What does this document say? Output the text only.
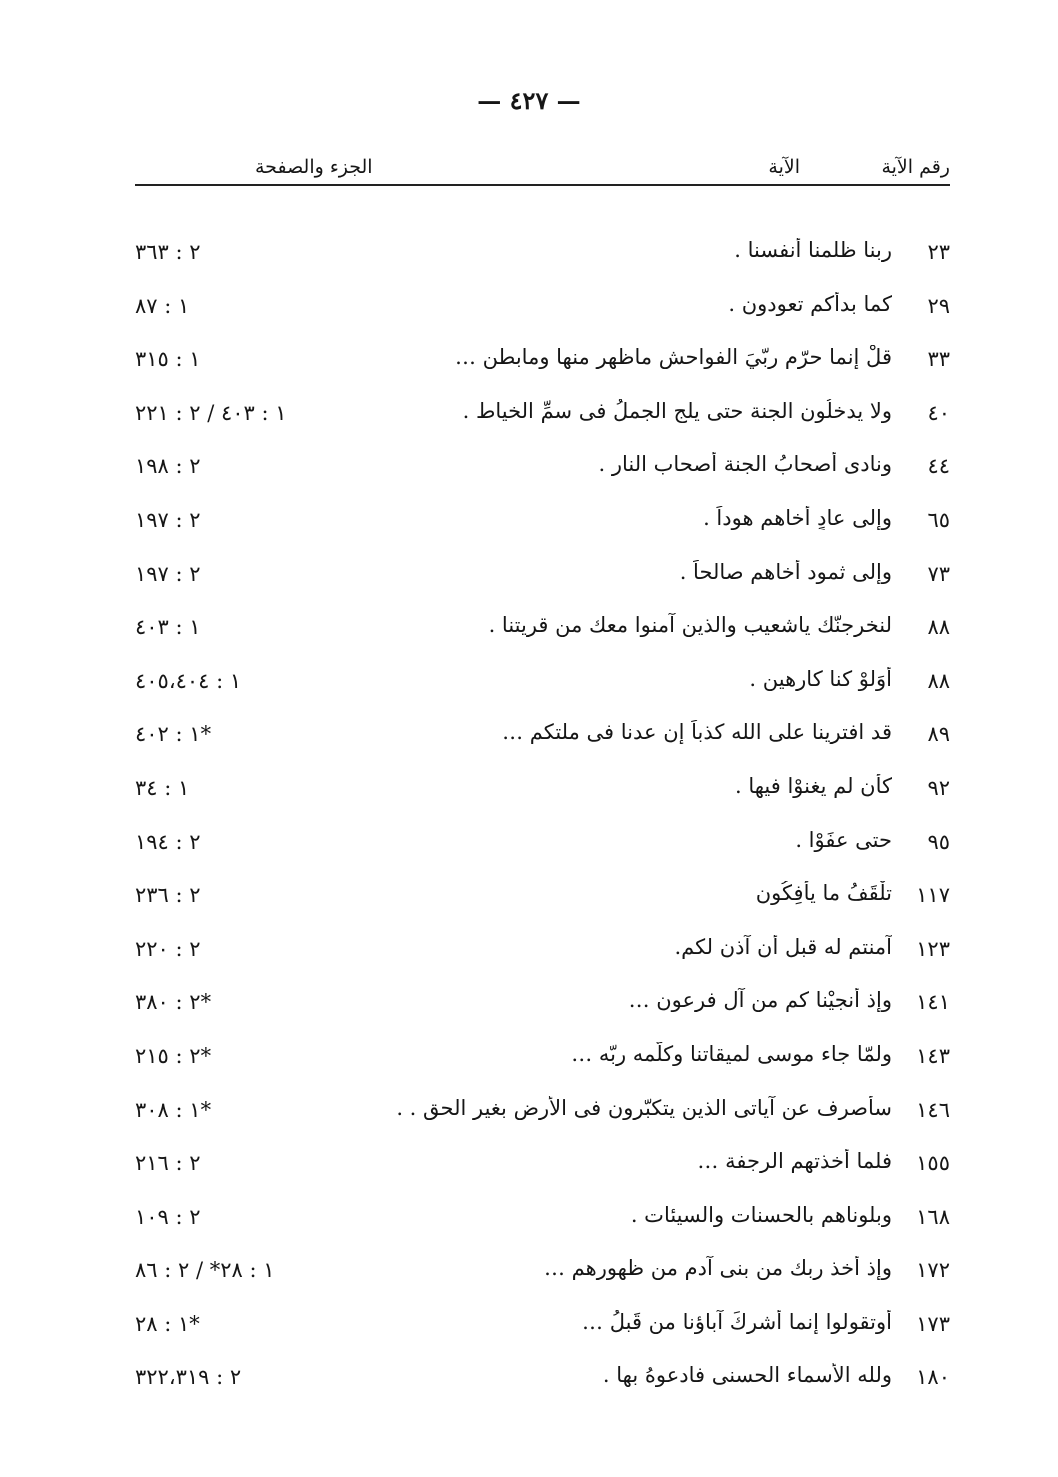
— ٤٢٧ —
رقم الآية
الآية
الجزء والصفحة
٢٣
ربنا ظلمنا أنفسنا .
٢ : ٣٦٣
٢٩
كما بدأكم تعودون .
١ : ٨٧
٣٣
قلْ إنما حرّم ربّيَ الفواحش ماظهر منها ومابطن …
١ : ٣١٥
٤٠
ولا يدخلُون الجنة حتى يلج الجملُ فى سمِّ الخياط .
١ : ٤٠٣ / ٢ : ٢٢١
٤٤
ونادى أصحابُ الجنة أصحاب النار .
٢ : ١٩٨
٦٥
وإلى عادٍ أخاهم هوداً .
٢ : ١٩٧
٧٣
وإلى ثمود أخاهم صالحاً .
٢ : ١٩٧
٨٨
لنخرجنّك ياشعيب والذين آمنوا معك من قريتنا .
١ : ٤٠٣
٨٨
أوَلوْ كنا كارهين .
١ : ٤٠٥،٤٠٤
٨٩
قد افترينا على الله كذباً إن عدنا فى ملتكم …
١ : ٤٠٢*
٩٢
كأن لم يغنوْا فيها .
١ : ٣٤
٩٥
حتى عفَوْا .
٢ : ١٩٤
١١٧
تلْقَفُ ما يأفِكُون
٢ : ٢٣٦
١٢٣
آمنتم له قبل أن آذن لكم.
٢ : ٢٢٠
١٤١
وإذ أنجيْنا كم من آل فرعون …
٢ : ٣٨٠*
١٤٣
ولمّا جاء موسى لميقاتنا وكلّمه ربّه …
٢ : ٢١٥*
١٤٦
سأصرف عن آياتى الذين يتكبّرون فى الأرض بغير الحق . .
١ : ٣٠٨*
١٥٥
فلما أخذتهم الرجفة …
٢ : ٢١٦
١٦٨
وبلوناهم بالحسنات والسيئات .
٢ : ١٠٩
١٧٢
وإذ أخذ ربك من بنى آدم من ظهورهم …
١ : ٢٨* / ٢ : ٨٦
١٧٣
أوتقولوا إنما أشركَ آباؤنا من قَبلُ …
١ : ٢٨*
١٨٠
ولله الأسماء الحسنى فادعوهُ بها .
٢ : ٣٢٢،٣١٩
